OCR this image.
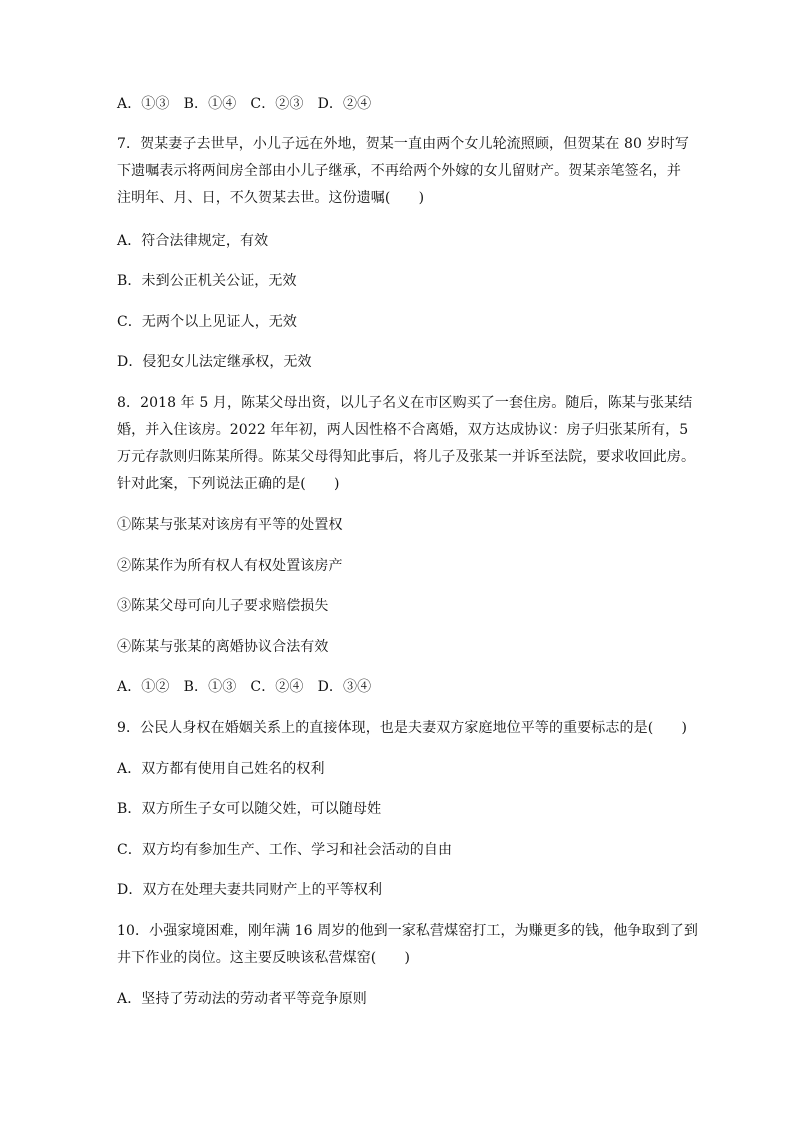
A．①③　B．①④　C．②③　D．②④
7．贺某妻子去世早，小儿子远在外地，贺某一直由两个女儿轮流照顾，但贺某在 80 岁时写
下遗嘱表示将两间房全部由小儿子继承，不再给两个外嫁的女儿留财产。贺某亲笔签名，并
注明年、月、日，不久贺某去世。这份遗嘱(　　)
A．符合法律规定，有效
B．未到公正机关公证，无效
C．无两个以上见证人，无效
D．侵犯女儿法定继承权，无效
8．2018 年 5 月，陈某父母出资，以儿子名义在市区购买了一套住房。随后，陈某与张某结
婚，并入住该房。2022 年年初，两人因性格不合离婚，双方达成协议：房子归张某所有，5
万元存款则归陈某所得。陈某父母得知此事后，将儿子及张某一并诉至法院，要求收回此房。
针对此案，下列说法正确的是(　　)
①陈某与张某对该房有平等的处置权
②陈某作为所有权人有权处置该房产
③陈某父母可向儿子要求赔偿损失
④陈某与张某的离婚协议合法有效
A．①②　B．①③　C．②④　D．③④
9．公民人身权在婚姻关系上的直接体现，也是夫妻双方家庭地位平等的重要标志的是(　　)
A．双方都有使用自己姓名的权利
B．双方所生子女可以随父姓，可以随母姓
C．双方均有参加生产、工作、学习和社会活动的自由
D．双方在处理夫妻共同财产上的平等权利
10．小强家境困难，刚年满 16 周岁的他到一家私营煤窑打工，为赚更多的钱，他争取到了到
井下作业的岗位。这主要反映该私营煤窑(　　)
A．坚持了劳动法的劳动者平等竞争原则
